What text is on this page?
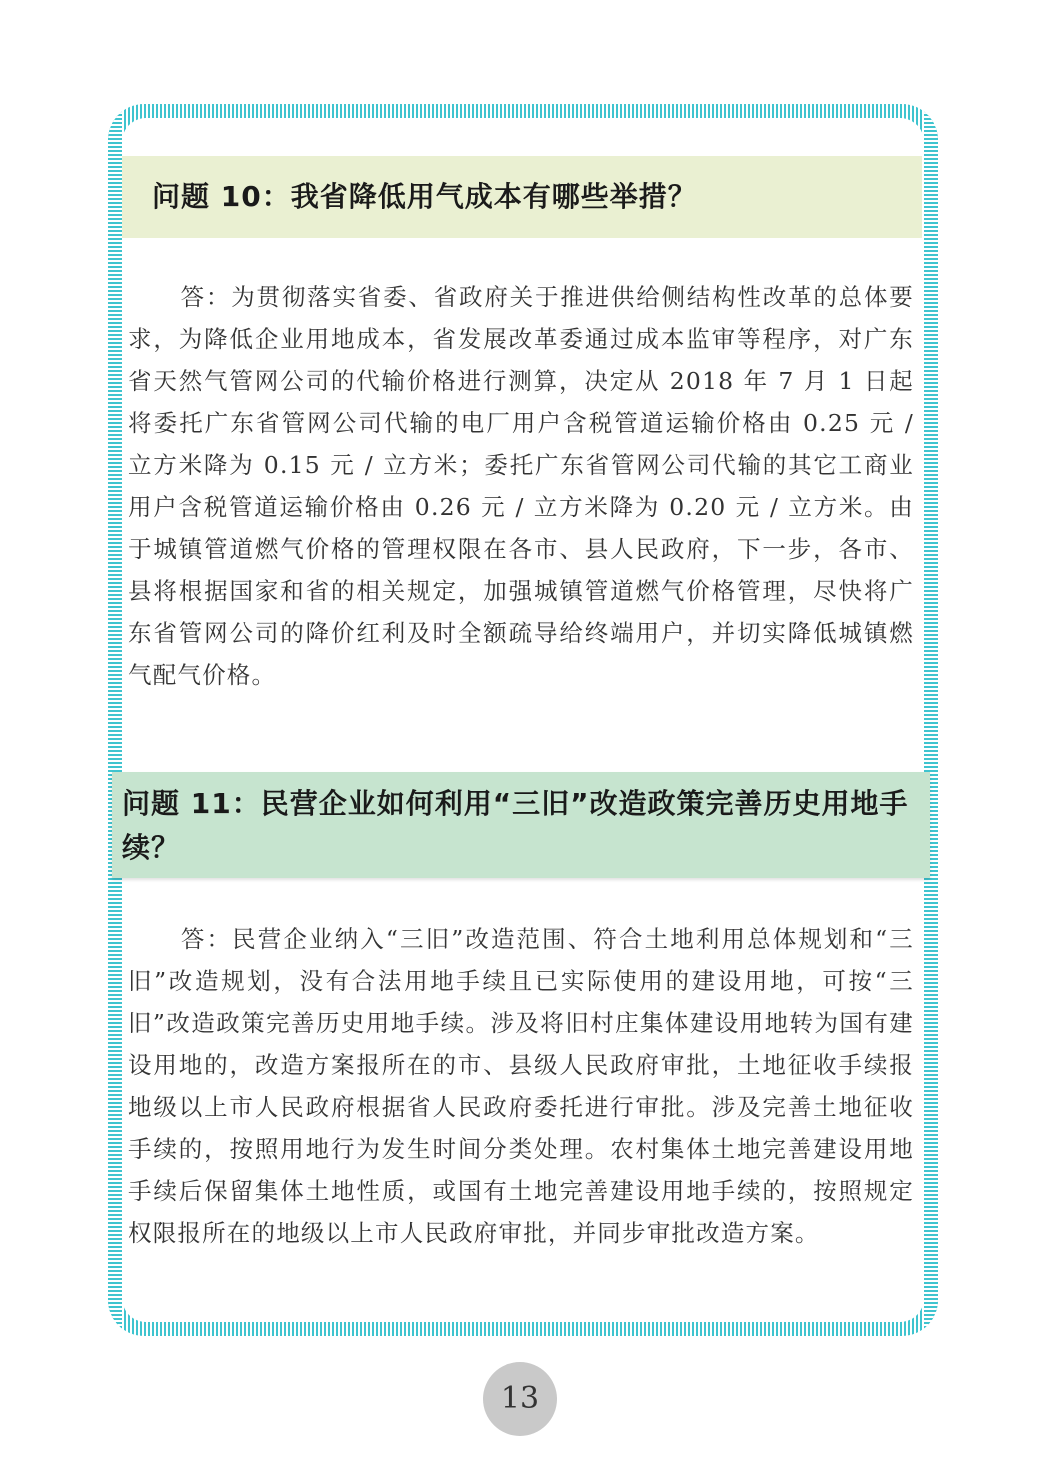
问题 10：我省降低用气成本有哪些举措？
答：为贯彻落实省委、省政府关于推进供给侧结构性改革的总体要求，为降低企业用地成本，省发展改革委通过成本监审等程序，对广东省天然气管网公司的代输价格进行测算，决定从 2018 年 7 月 1 日起将委托广东省管网公司代输的电厂用户含税管道运输价格由 0.25 元 / 立方米降为 0.15 元 / 立方米；委托广东省管网公司代输的其它工商业用户含税管道运输价格由 0.26 元 / 立方米降为 0.20 元 / 立方米。由于城镇管道燃气价格的管理权限在各市、县人民政府，下一步，各市、县将根据国家和省的相关规定，加强城镇管道燃气价格管理，尽快将广东省管网公司的降价红利及时全额疏导给终端用户，并切实降低城镇燃气配气价格。
问题 11：民营企业如何利用“三旧”改造政策完善历史用地手续？
答：民营企业纳入“三旧”改造范围、符合土地利用总体规划和“三旧”改造规划，没有合法用地手续且已实际使用的建设用地，可按“三旧”改造政策完善历史用地手续。涉及将旧村庄集体建设用地转为国有建设用地的，改造方案报所在的市、县级人民政府审批，土地征收手续报地级以上市人民政府根据省人民政府委托进行审批。涉及完善土地征收手续的，按照用地行为发生时间分类处理。农村集体土地完善建设用地手续后保留集体土地性质，或国有土地完善建设用地手续的，按照规定权限报所在的地级以上市人民政府审批，并同步审批改造方案。
13
